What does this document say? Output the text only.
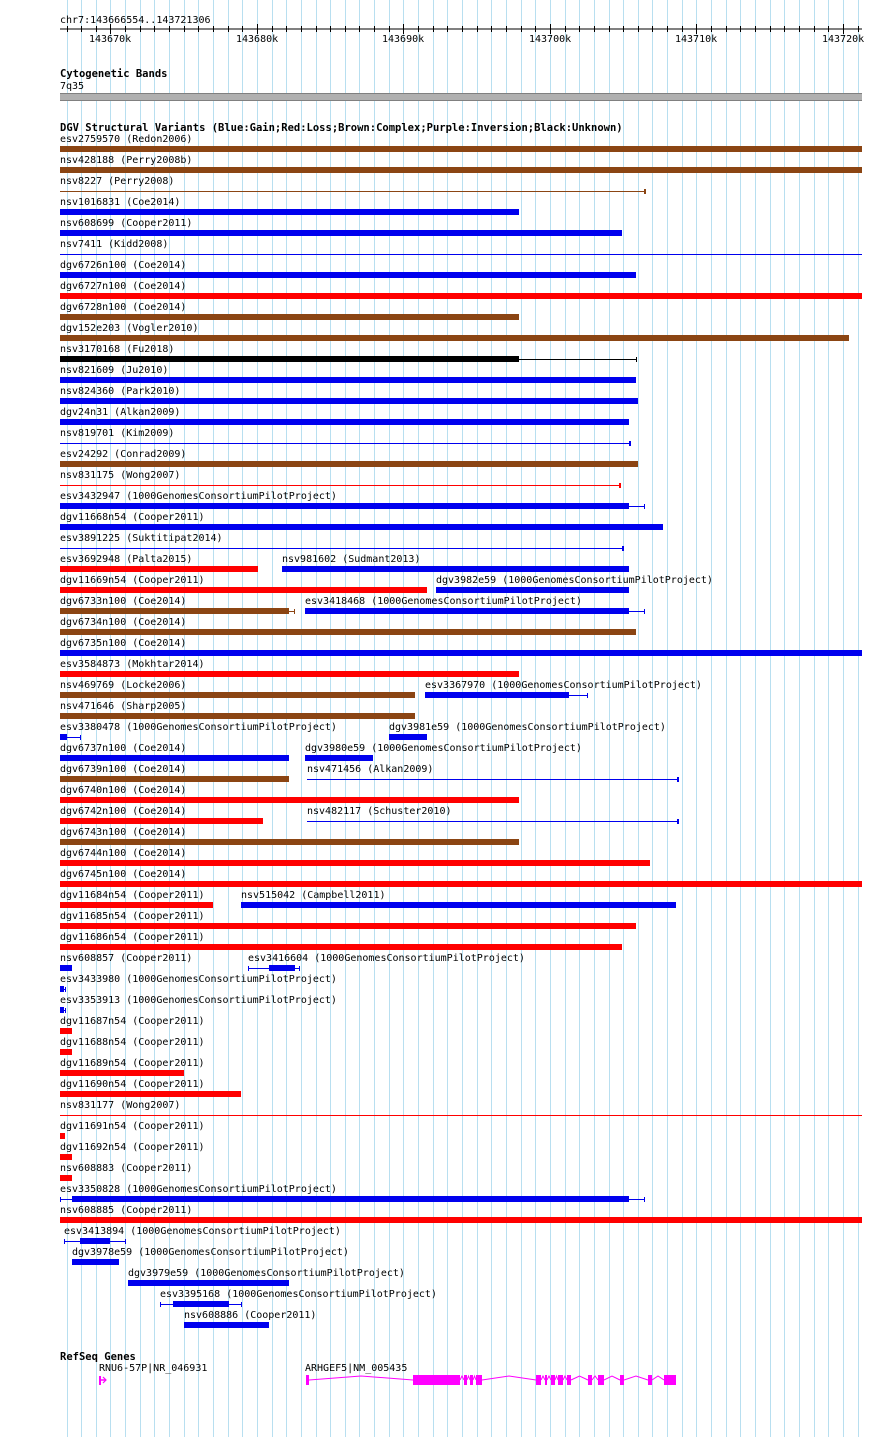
chr7:143666554..143721306
143670k	143680k	143690k	143700k	143710k	143720k
Cytogenetic Bands
7q35
DGV Structural Variants (Blue:Gain;Red:Loss;Brown:Complex;Purple:Inversion;Black:Unknown)
esv2759570 (Redon2006)
nsv428188 (Perry2008b)
nsv8227 (Perry2008)
nsv1016831 (Coe2014)
nsv608699 (Cooper2011)
nsv7411 (Kidd2008)
dgv6726n100 (Coe2014)
dgv6727n100 (Coe2014)
dgv6728n100 (Coe2014)
dgv152e203 (Vogler2010)
nsv3170168 (Fu2018)
nsv821609 (Ju2010)
nsv824360 (Park2010)
dgv24n31 (Alkan2009)
nsv819701 (Kim2009)
esv24292 (Conrad2009)
nsv831175 (Wong2007)
esv3432947 (1000GenomesConsortiumPilotProject)
dgv11668n54 (Cooper2011)
esv3891225 (Suktitipat2014)
esv3692948 (Palta2015)	nsv981602 (Sudmant2013)
dgv11669n54 (Cooper2011)	dgv3982e59 (1000GenomesConsortiumPilotProject)
dgv6733n100 (Coe2014)	esv3418468 (1000GenomesConsortiumPilotProject)
dgv6734n100 (Coe2014)
dgv6735n100 (Coe2014)
esv3584873 (Mokhtar2014)
nsv469769 (Locke2006)	esv3367970 (1000GenomesConsortiumPilotProject)
nsv471646 (Sharp2005)
esv3380478 (1000GenomesConsortiumPilotProject)	dgv3981e59 (1000GenomesConsortiumPilotProject)
dgv6737n100 (Coe2014)	dgv3980e59 (1000GenomesConsortiumPilotProject)
dgv6739n100 (Coe2014)	nsv471456 (Alkan2009)
dgv6740n100 (Coe2014)
dgv6742n100 (Coe2014)	nsv482117 (Schuster2010)
dgv6743n100 (Coe2014)
dgv6744n100 (Coe2014)
dgv6745n100 (Coe2014)
dgv11684n54 (Cooper2011)	nsv515042 (Campbell2011)
dgv11685n54 (Cooper2011)
dgv11686n54 (Cooper2011)
nsv608857 (Cooper2011)	esv3416604 (1000GenomesConsortiumPilotProject)
esv3433980 (1000GenomesConsortiumPilotProject)
esv3353913 (1000GenomesConsortiumPilotProject)
dgv11687n54 (Cooper2011)
dgv11688n54 (Cooper2011)
dgv11689n54 (Cooper2011)
dgv11690n54 (Cooper2011)
nsv831177 (Wong2007)
dgv11691n54 (Cooper2011)
dgv11692n54 (Cooper2011)
nsv608883 (Cooper2011)
esv3350828 (1000GenomesConsortiumPilotProject)
nsv608885 (Cooper2011)
esv3413894 (1000GenomesConsortiumPilotProject)
dgv3978e59 (1000GenomesConsortiumPilotProject)
dgv3979e59 (1000GenomesConsortiumPilotProject)
esv3395168 (1000GenomesConsortiumPilotProject)
nsv608886 (Cooper2011)
RefSeq Genes
RNU6-57P|NR_046931	ARHGEF5|NM_005435
